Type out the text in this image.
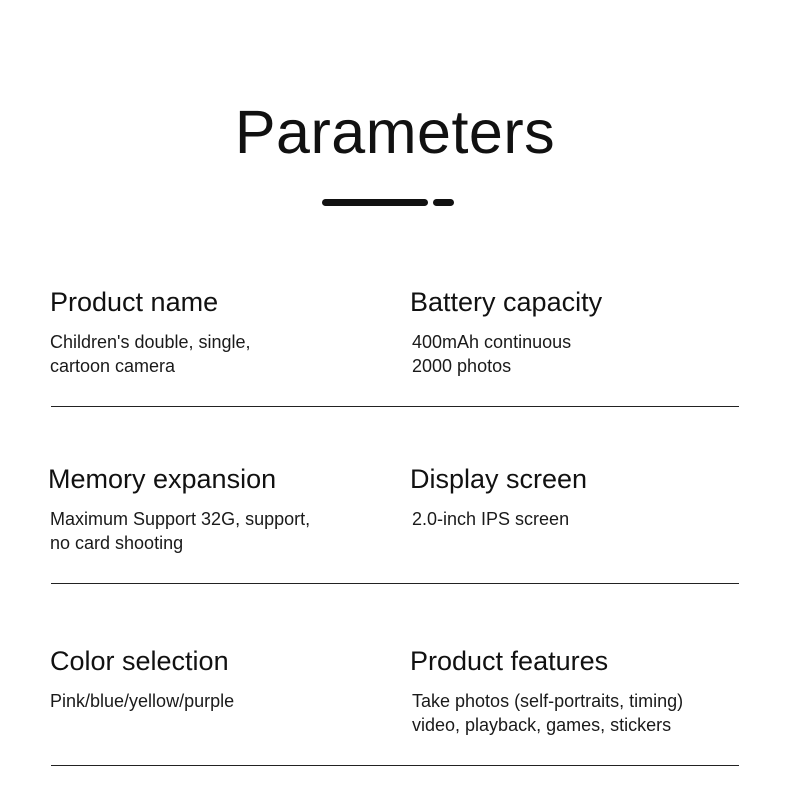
Parameters
Product name
Children's double, single,
cartoon camera
Battery capacity
400mAh continuous
2000 photos
Memory expansion
Maximum Support 32G, support,
no card shooting
Display screen
2.0-inch IPS screen
Color selection
Pink/blue/yellow/purple
Product features
Take photos (self-portraits, timing)
video, playback, games, stickers
